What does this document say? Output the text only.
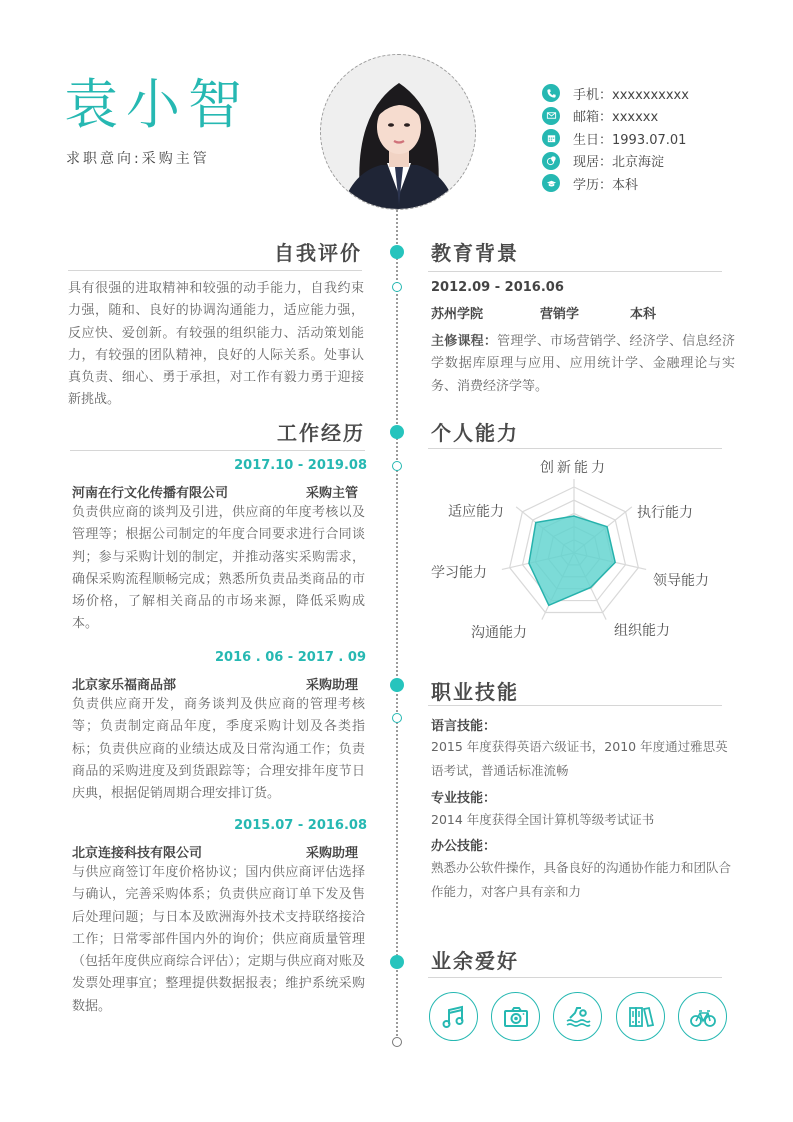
袁小智
求职意向:采购主管
手机：xxxxxxxxxx
邮箱：xxxxxx
生日：1993.07.01
现居：北京海淀
学历：本科
自我评价
具有很强的进取精神和较强的动手能力，自我约束力强，随和、良好的协调沟通能力，适应能力强，反应快、爱创新。有较强的组织能力、活动策划能力，有较强的团队精神，良好的人际关系。处事认真负责、细心、勇于承担，对工作有毅力勇于迎接新挑战。
工作经历
2017.10 - 2019.08
河南在行文化传播有限公司	采购主管
负责供应商的谈判及引进，供应商的年度考核以及管理等；根据公司制定的年度合同要求进行合同谈判；参与采购计划的制定，并推动落实采购需求，确保采购流程顺畅完成；熟悉所负责品类商品的市场价格，了解相关商品的市场来源，降低采购成本。
2016 . 06 - 2017 . 09
北京家乐福商品部	采购助理
负责供应商开发，商务谈判及供应商的管理考核等；负责制定商品年度，季度采购计划及各类指标；负责供应商的业绩达成及日常沟通工作；负责商品的采购进度及到货跟踪等；合理安排年度节日庆典，根据促销周期合理安排订货。
2015.07 - 2016.08
北京连接科技有限公司	采购助理
与供应商签订年度价格协议；国内供应商评估选择与确认，完善采购体系；负责供应商订单下发及售后处理问题；与日本及欧洲海外技术支持联络接洽工作；日常零部件国内外的询价；供应商质量管理（包括年度供应商综合评估）；定期与供应商对账及发票处理事宜；整理提供数据报表；维护系统采购数据。
教育背景
2012.09 - 2016.06
苏州学院	营销学	本科
主修课程：管理学、市场营销学、经济学、信息经济学数据库原理与应用、应用统计学、金融理论与实务、消费经济学等。
个人能力
创新能力
执行能力
领导能力
组织能力
沟通能力
学习能力
适应能力
职业技能
语言技能：
2015 年度获得英语六级证书，2010 年度通过雅思英语考试，普通话标准流畅
专业技能：
2014 年度获得全国计算机等级考试证书
办公技能：
熟悉办公软件操作，具备良好的沟通协作能力和团队合作能力，对客户具有亲和力
业余爱好
